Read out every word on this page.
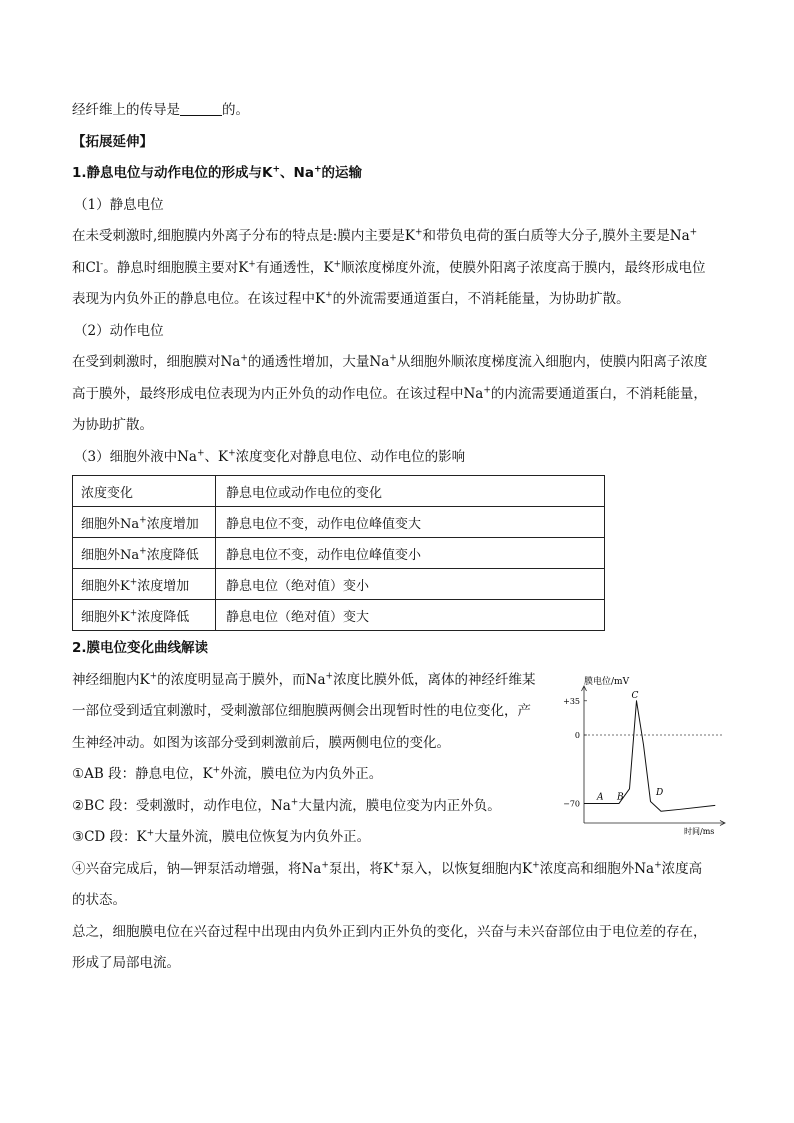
经纤维上的传导是	的。

【拓展延伸】

1.静息电位与动作电位的形成与K+、Na+的运输

（1）静息电位

在未受刺激时,细胞膜内外离子分布的特点是:膜内主要是K+和带负电荷的蛋白质等大分子,膜外主要是Na+

和Cl-。静息时细胞膜主要对K+有通透性，K+顺浓度梯度外流，使膜外阳离子浓度高于膜内，最终形成电位

表现为内负外正的静息电位。在该过程中K+的外流需要通道蛋白，不消耗能量，为协助扩散。

（2）动作电位

在受到刺激时，细胞膜对Na+的通透性增加，大量Na+从细胞外顺浓度梯度流入细胞内，使膜内阳离子浓度

高于膜外，最终形成电位表现为内正外负的动作电位。在该过程中Na+的内流需要通道蛋白，不消耗能量，

为协助扩散。

（3）细胞外液中Na+、K+浓度变化对静息电位、动作电位的影响

浓度变化	静息电位或动作电位的变化
细胞外Na+浓度增加	静息电位不变，动作电位峰值变大
细胞外Na+浓度降低	静息电位不变，动作电位峰值变小
细胞外K+浓度增加	静息电位（绝对值）变小
细胞外K+浓度降低	静息电位（绝对值）变大

2.膜电位变化曲线解读

神经细胞内K+的浓度明显高于膜外，而Na+浓度比膜外低，离体的神经纤维某

一部位受到适宜刺激时，受刺激部位细胞膜两侧会出现暂时性的电位变化，产

生神经冲动。如图为该部分受到刺激前后，膜两侧电位的变化。

①AB 段：静息电位，K+外流，膜电位为内负外正。

②BC 段：受刺激时，动作电位，Na+大量内流，膜电位变为内正外负。

③CD 段：K+大量外流，膜电位恢复为内负外正。

膜电位/mV
时间/ms
+35
0
−70
A B
C
D

④兴奋完成后，钠—钾泵活动增强，将Na+泵出，将K+泵入，以恢复细胞内K+浓度高和细胞外Na+浓度高

的状态。

总之，细胞膜电位在兴奋过程中出现由内负外正到内正外负的变化，兴奋与未兴奋部位由于电位差的存在，

形成了局部电流。
